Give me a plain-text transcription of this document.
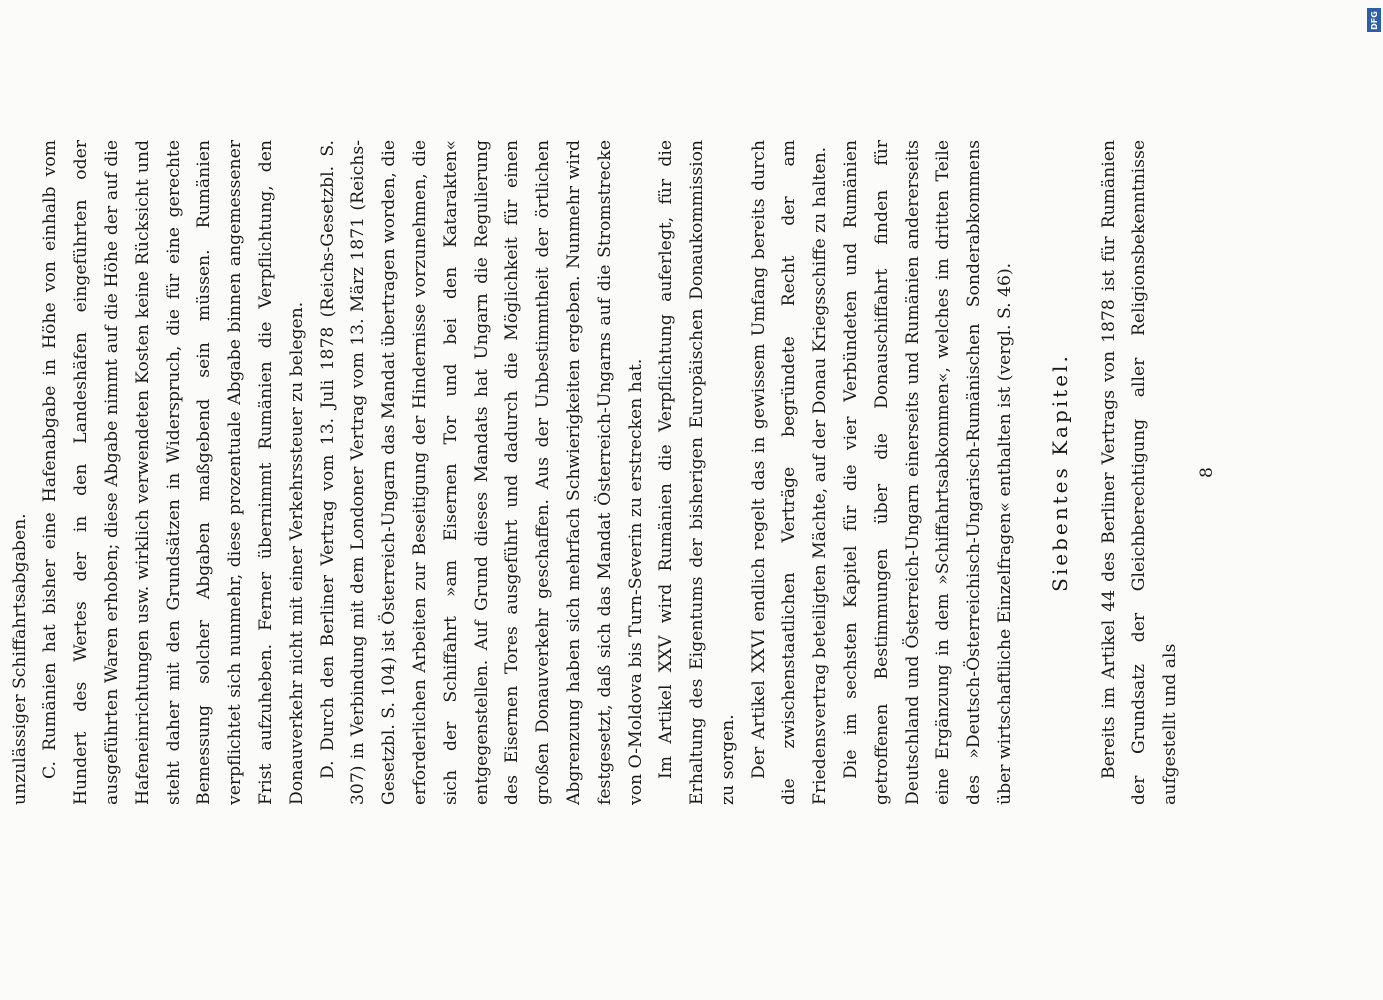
unzulässiger Schiffahrtsabgaben. C. Rumänien hat bisher eine Hafenabgabe in Höhe von einhalb vom Hundert des Wertes der in den Landeshäfen eingeführten oder ausgeführten Waren erhoben; diese Abgabe nimmt auf die Höhe der auf die Hafeneinrichtungen usw. wirklich verwendeten Kosten keine Rücksicht und steht daher mit den Grundsätzen in Widerspruch, die für eine gerechte Bemessung solcher Abgaben maßgebend sein müssen. Rumänien verpflichtet sich nunmehr, diese prozentuale Abgabe binnen angemessener Frist aufzuheben. Ferner übernimmt Rumänien die Verpflichtung, den Donauverkehr nicht mit einer Verkehrssteuer zu belegen. D. Durch den Berliner Vertrag vom 13. Juli 1878 (Reichs-Gesetzbl. S. 307) in Verbindung mit dem Londoner Vertrag vom 13. März 1871 (Reichs-Gesetzbl. S. 104) ist Österreich-Ungarn das Mandat übertragen worden, die erforderlichen Arbeiten zur Beseitigung der Hindernisse vorzunehmen, die sich der Schiffahrt »am Eisernen Tor und bei den Katarakten« entgegenstellen. Auf Grund dieses Mandats hat Ungarn die Regulierung des Eisernen Tores ausgeführt und dadurch die Möglichkeit für einen großen Donauverkehr geschaffen. Aus der Unbestimmtheit der örtlichen Abgrenzung haben sich mehrfach Schwierigkeiten ergeben. Nunmehr wird festgesetzt, daß sich das Mandat Österreich-Ungarns auf die Stromstrecke von O-Moldova bis Turn-Severin zu erstrecken hat. Im Artikel XXV wird Rumänien die Verpflichtung auferlegt, für die Erhaltung des Eigentums der bisherigen Europäischen Donaukommission zu sorgen. Der Artikel XXVI endlich regelt das in gewissem Umfang bereits durch die zwischenstaatlichen Verträge begründete Recht der am Friedensvertrag beteiligten Mächte, auf der Donau Kriegsschiffe zu halten. Die im sechsten Kapitel für die vier Verbündeten und Rumänien getroffenen Bestimmungen über die Donauschiffahrt finden für Deutschland und Österreich-Ungarn einerseits und Rumänien andererseits eine Ergänzung in dem »Schiffahrtsabkommen«, welches im dritten Teile des »Deutsch-Österreichisch-Ungarisch-Rumänischen Sonderabkommens über wirtschaftliche Einzelfragen« enthalten ist (vergl. S. 46). Siebentes Kapitel. Bereits im Artikel 44 des Berliner Vertrags von 1878 ist für Rumänien der Grundsatz der Gleichberechtigung aller Religionsbekenntnisse aufgestellt und als

8
DFG
